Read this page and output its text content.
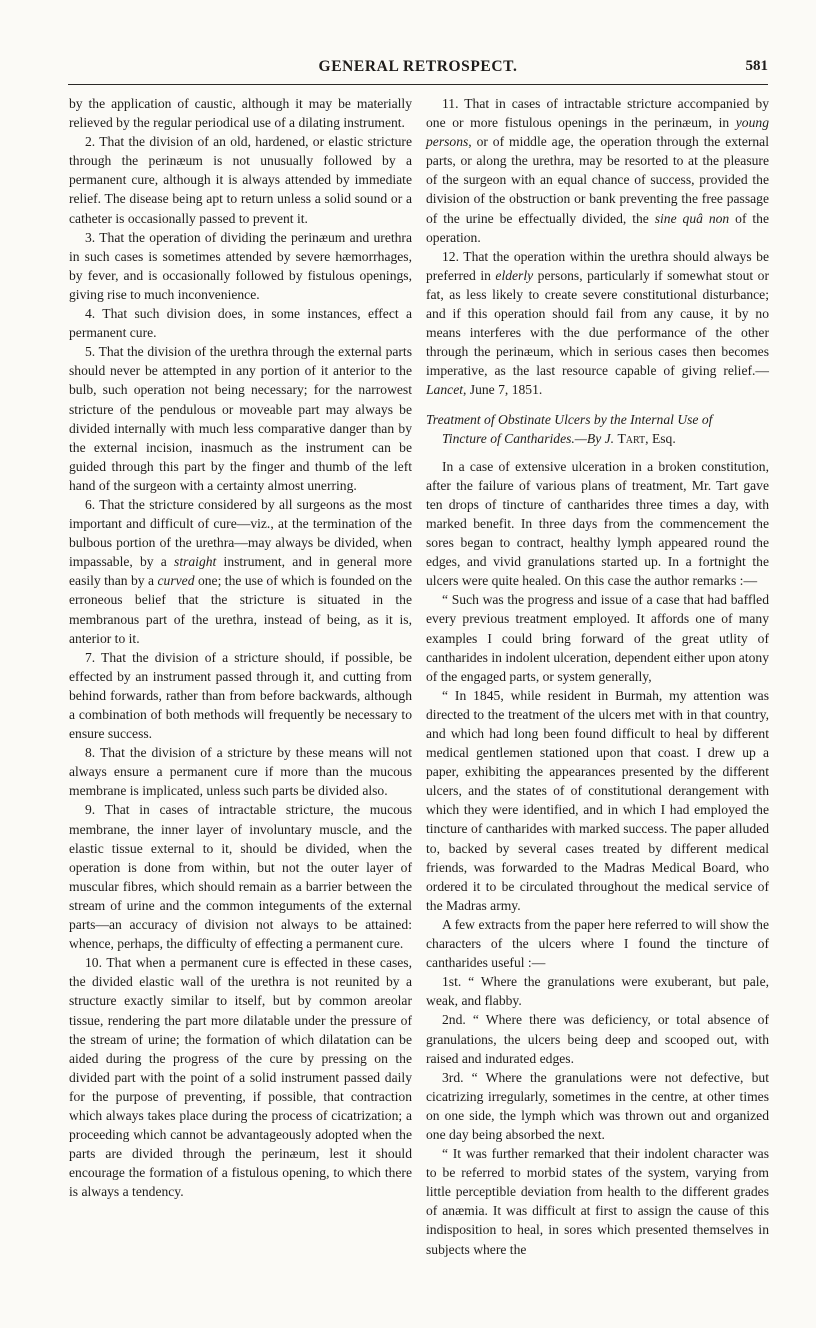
GENERAL RETROSPECT.	581

by the application of caustic, although it may be materially relieved by the regular periodical use of a dilating instrument.

2. That the division of an old, hardened, or elastic stricture through the perinæum is not unusually followed by a permanent cure, although it is always attended by immediate relief. The disease being apt to return unless a solid sound or a catheter is occasionally passed to prevent it.

3. That the operation of dividing the perinæum and urethra in such cases is sometimes attended by severe hæmorrhages, by fever, and is occasionally followed by fistulous openings, giving rise to much inconvenience.

4. That such division does, in some instances, effect a permanent cure.

5. That the division of the urethra through the external parts should never be attempted in any portion of it anterior to the bulb, such operation not being necessary; for the narrowest stricture of the pendulous or moveable part may always be divided internally with much less comparative danger than by the external incision, inasmuch as the instrument can be guided through this part by the finger and thumb of the left hand of the surgeon with a certainty almost unerring.

6. That the stricture considered by all surgeons as the most important and difficult of cure—viz., at the termination of the bulbous portion of the urethra—may always be divided, when impassable, by a straight instrument, and in general more easily than by a curved one; the use of which is founded on the erroneous belief that the stricture is situated in the membranous part of the urethra, instead of being, as it is, anterior to it.

7. That the division of a stricture should, if possible, be effected by an instrument passed through it, and cutting from behind forwards, rather than from before backwards, although a combination of both methods will frequently be necessary to ensure success.

8. That the division of a stricture by these means will not always ensure a permanent cure if more than the mucous membrane is implicated, unless such parts be divided also.

9. That in cases of intractable stricture, the mucous membrane, the inner layer of involuntary muscle, and the elastic tissue external to it, should be divided, when the operation is done from within, but not the outer layer of muscular fibres, which should remain as a barrier between the stream of urine and the common integuments of the external parts—an accuracy of division not always to be attained: whence, perhaps, the difficulty of effecting a permanent cure.

10. That when a permanent cure is effected in these cases, the divided elastic wall of the urethra is not reunited by a structure exactly similar to itself, but by common areolar tissue, rendering the part more dilatable under the pressure of the stream of urine; the formation of which dilatation can be aided during the progress of the cure by pressing on the divided part with the point of a solid instrument passed daily for the purpose of preventing, if possible, that contraction which always takes place during the process of cicatrization; a proceeding which cannot be advantageously adopted when the parts are divided through the perinæum, lest it should encourage the formation of a fistulous opening, to which there is always a tendency.

11. That in cases of intractable stricture accompanied by one or more fistulous openings in the perinæum, in young persons, or of middle age, the operation through the external parts, or along the urethra, may be resorted to at the pleasure of the surgeon with an equal chance of success, provided the division of the obstruction or bank preventing the free passage of the urine be effectually divided, the sine quâ non of the operation.

12. That the operation within the urethra should always be preferred in elderly persons, particularly if somewhat stout or fat, as less likely to create severe constitutional disturbance; and if this operation should fail from any cause, it by no means interferes with the due performance of the other through the perinæum, which in serious cases then becomes imperative, as the last resource capable of giving relief.—Lancet, June 7, 1851.

Treatment of Obstinate Ulcers by the Internal Use of
Tincture of Cantharides.—By J. Tart, Esq.

In a case of extensive ulceration in a broken constitution, after the failure of various plans of treatment, Mr. Tart gave ten drops of tincture of cantharides three times a day, with marked benefit. In three days from the commencement the sores began to contract, healthy lymph appeared round the edges, and vivid granulations started up. In a fortnight the ulcers were quite healed. On this case the author remarks :—

“ Such was the progress and issue of a case that had baffled every previous treatment employed. It affords one of many examples I could bring forward of the great utlity of cantharides in indolent ulceration, dependent either upon atony of the engaged parts, or system generally,

“ In 1845, while resident in Burmah, my attention was directed to the treatment of the ulcers met with in that country, and which had long been found difficult to heal by different medical gentlemen stationed upon that coast. I drew up a paper, exhibiting the appearances presented by the different ulcers, and the states of of constitutional derangement with which they were identified, and in which I had employed the tincture of cantharides with marked success. The paper alluded to, backed by several cases treated by different medical friends, was forwarded to the Madras Medical Board, who ordered it to be circulated throughout the medical service of the Madras army.

A few extracts from the paper here referred to will show the characters of the ulcers where I found the tincture of cantharides useful :—

1st. “ Where the granulations were exuberant, but pale, weak, and flabby.

2nd. “ Where there was deficiency, or total absence of granulations, the ulcers being deep and scooped out, with raised and indurated edges.

3rd. “ Where the granulations were not defective, but cicatrizing irregularly, sometimes in the centre, at other times on one side, the lymph which was thrown out and organized one day being absorbed the next.

“ It was further remarked that their indolent character was to be referred to morbid states of the system, varying from little perceptible deviation from health to the different grades of anæmia. It was difficult at first to assign the cause of this indisposition to heal, in sores which presented themselves in subjects where the
